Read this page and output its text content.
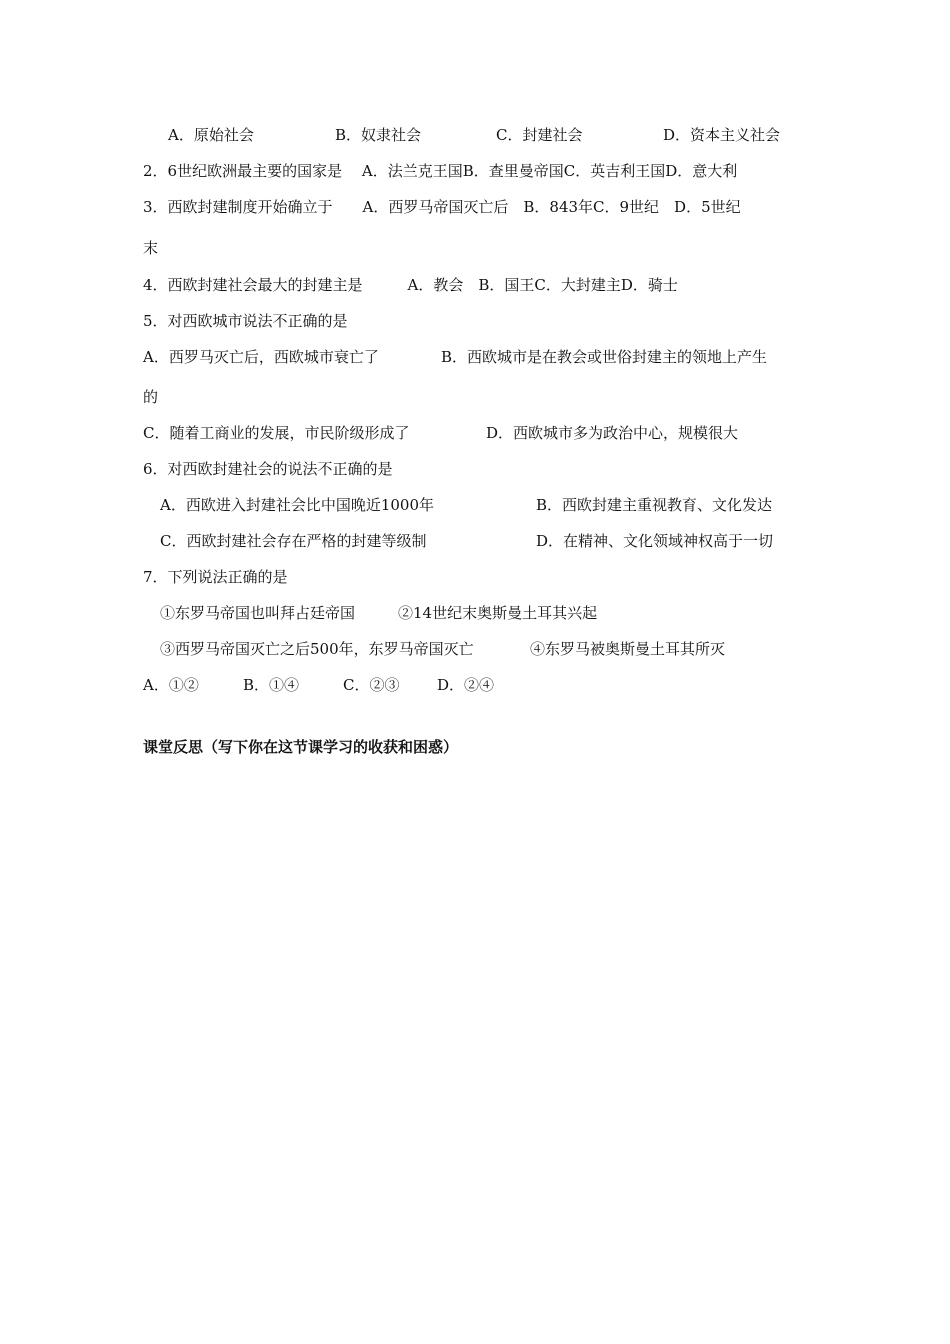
A．原始社会	B．奴隶社会	C．封建社会	D．资本主义社会
2．6世纪欧洲最主要的国家是　 A．法兰克王国B．查里曼帝国C．英吉利王国D．意大利
3．西欧封建制度开始确立于　　A．西罗马帝国灭亡后　B．843年C．9世纪　D．5世纪
末
4．西欧封建社会最大的封建主是　　　A．教会　B．国王C．大封建主D．骑士
5．对西欧城市说法不正确的是
A．西罗马灭亡后，西欧城市衰亡了	B．西欧城市是在教会或世俗封建主的领地上产生
的
C．随着工商业的发展，市民阶级形成了	D．西欧城市多为政治中心，规模很大
6．对西欧封建社会的说法不正确的是
A．西欧进入封建社会比中国晚近1000年	B．西欧封建主重视教育、文化发达
C．西欧封建社会存在严格的封建等级制	D．在精神、文化领域神权高于一切
7．下列说法正确的是
①东罗马帝国也叫拜占廷帝国	②14世纪末奥斯曼土耳其兴起
③西罗马帝国灭亡之后500年，东罗马帝国灭亡	④东罗马被奥斯曼土耳其所灭
A．①②	B．①④	C．②③	D．②④
课堂反思（写下你在这节课学习的收获和困惑）
